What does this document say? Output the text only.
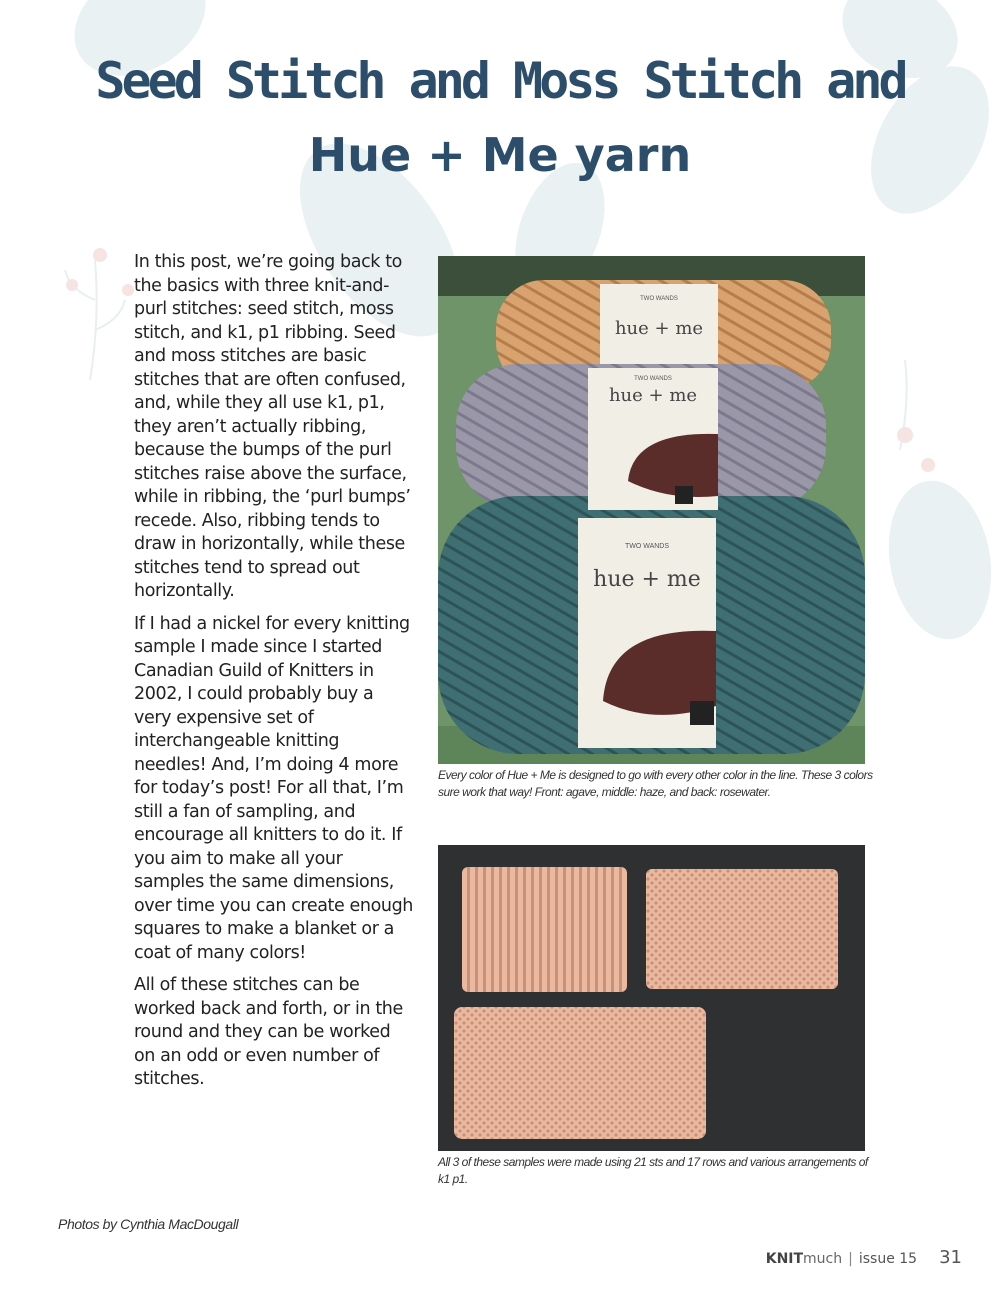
Seed Stitch and Moss Stitch and
Hue + Me yarn

In this post, we’re going back to the basics with three knit-and-purl stitches: seed stitch, moss stitch, and k1, p1 ribbing. Seed and moss stitches are basic stitches that are often confused, and, while they all use k1, p1, they aren’t actually ribbing, because the bumps of the purl stitches raise above the surface, while in ribbing, the ‘purl bumps’ recede. Also, ribbing tends to draw in horizontally, while these stitches tend to spread out horizontally.

If I had a nickel for every knitting sample I made since I started Canadian Guild of Knitters in 2002, I could probably buy a very expensive set of interchangeable knitting needles! And, I’m doing 4 more for today’s post! For all that, I’m still a fan of sampling, and encourage all knitters to do it. If you aim to make all your samples the same dimensions, over time you can create enough squares to make a blanket or a coat of many colors!

All of these stitches can be worked back and forth, or in the round and they can be worked on an odd or even number of stitches.

TWO WANDS
hue + me
TWO WANDS
hue + me
TWO WANDS
hue + me
Every color of Hue + Me is designed to go with every other color in the line. These 3 colors sure work that way! Front: agave, middle: haze, and back: rosewater.
All 3 of these samples were made using 21 sts and 17 rows and various arrangements of k1 p1.
Photos by Cynthia MacDougall
KNIT much | issue 15 31
